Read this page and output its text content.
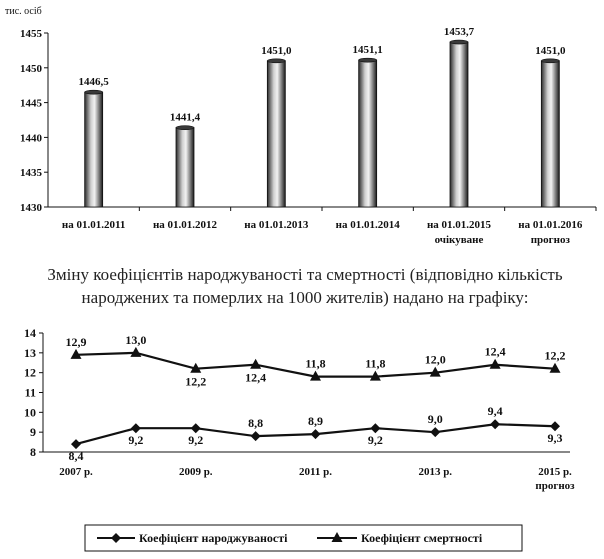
тис. осіб
1430
1435
1440
1445
1450
1455
на 01.01.2011	на 01.01.2012 на 01.01.2013 на 01.01.2014 на 01.01.2015
очікуване
на 01.01.2016
прогноз
1446,5
1441,4
1451,0	1451,1
1453,7
1451,0
Зміну коефіцієнтів народжуваності та смертності (відповідно кількість народжених та померлих на 1000 жителів) надано на графіку:
8
9
10
11
12
13
14
2007 р.	2009 р.	2011 р.	2013 р.	2015 р.
прогноз
8,4
9,2	9,2
8,8	8,9
9,2
9,0
9,4
9,3
12,9	13,0
12,2	12,4
11,8	11,8	12,0
12,4	12,2
Коефіцієнт народжуваності	Коефіцієнт смертності
